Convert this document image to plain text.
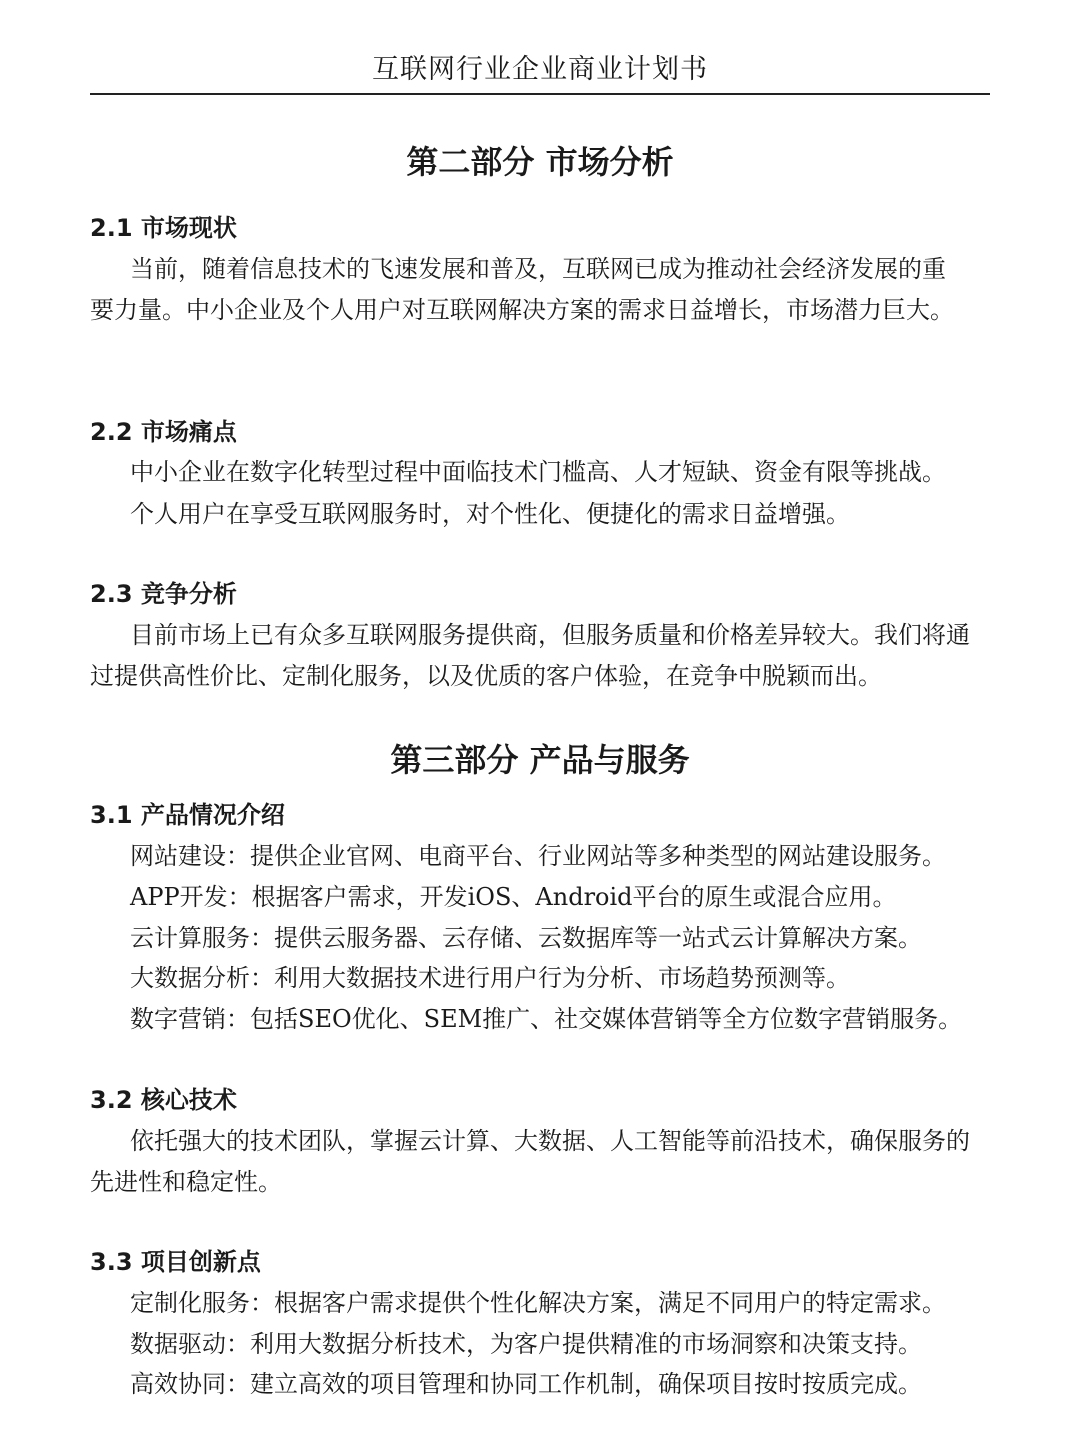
互联网行业企业商业计划书
第二部分 市场分析
2.1 市场现状

当前，随着信息技术的飞速发展和普及，互联网已成为推动社会经济发展的重要力量。中小企业及个人用户对互联网解决方案的需求日益增长，市场潜力巨大。

2.2 市场痛点
中小企业在数字化转型过程中面临技术门槛高、人才短缺、资金有限等挑战。
个人用户在享受互联网服务时，对个性化、便捷化的需求日益增强。
2.3 竞争分析

目前市场上已有众多互联网服务提供商，但服务质量和价格差异较大。我们将通过提供高性价比、定制化服务，以及优质的客户体验，在竞争中脱颖而出。

第三部分 产品与服务
3.1 产品情况介绍
网站建设：提供企业官网、电商平台、行业网站等多种类型的网站建设服务。
APP开发：根据客户需求，开发iOS、Android平台的原生或混合应用。
云计算服务：提供云服务器、云存储、云数据库等一站式云计算解决方案。
大数据分析：利用大数据技术进行用户行为分析、市场趋势预测等。
数字营销：包括SEO优化、SEM推广、社交媒体营销等全方位数字营销服务。
3.2 核心技术

依托强大的技术团队，掌握云计算、大数据、人工智能等前沿技术，确保服务的先进性和稳定性。

3.3 项目创新点
定制化服务：根据客户需求提供个性化解决方案，满足不同用户的特定需求。
数据驱动：利用大数据分析技术，为客户提供精准的市场洞察和决策支持。
高效协同：建立高效的项目管理和协同工作机制，确保项目按时按质完成。
